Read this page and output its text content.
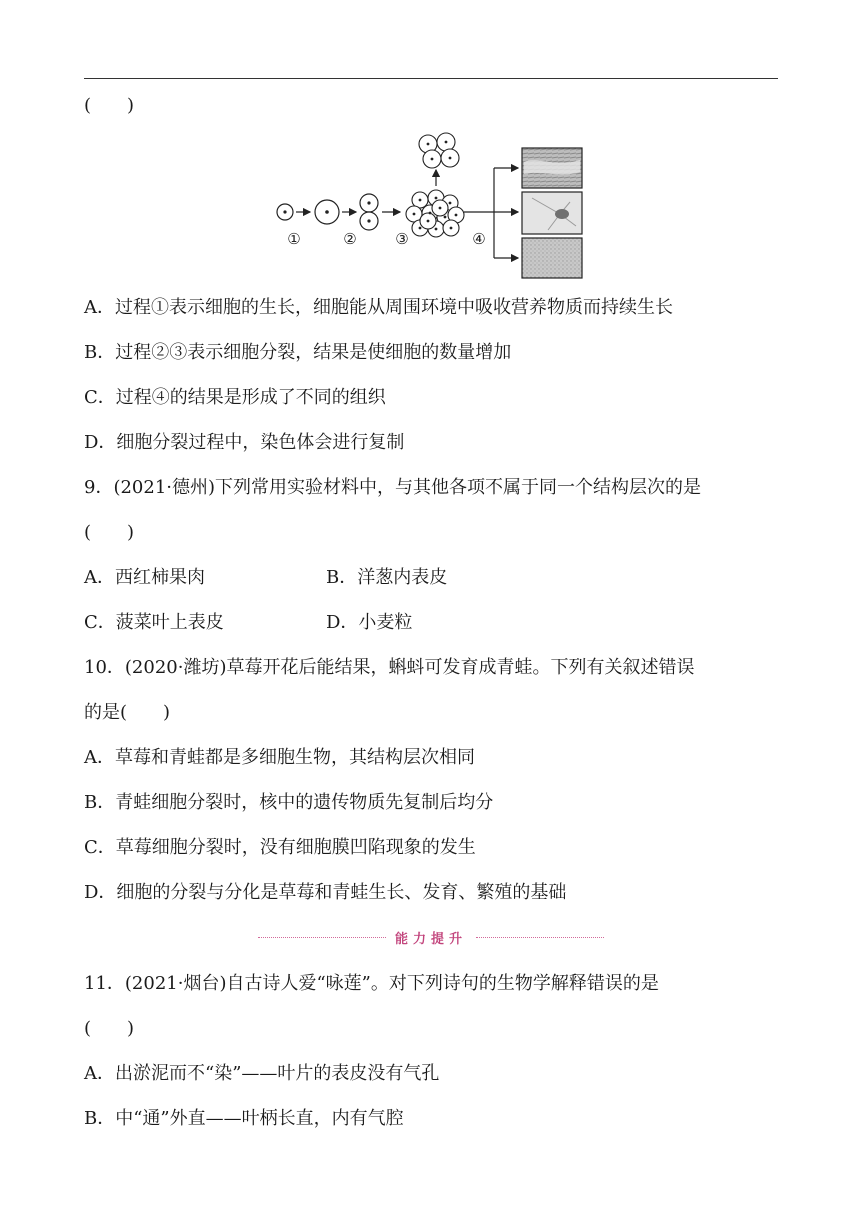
(　　)
①	②	③	④
A．过程①表示细胞的生长，细胞能从周围环境中吸收营养物质而持续生长
B．过程②③表示细胞分裂，结果是使细胞的数量增加
C．过程④的结果是形成了不同的组织
D．细胞分裂过程中，染色体会进行复制
9．(2021·德州)下列常用实验材料中，与其他各项不属于同一个结构层次的是
(　　)
A．西红柿果肉	B．洋葱内表皮
C．菠菜叶上表皮	D．小麦粒
10．(2020·潍坊)草莓开花后能结果，蝌蚪可发育成青蛙。下列有关叙述错误
的是(　　)
A．草莓和青蛙都是多细胞生物，其结构层次相同
B．青蛙细胞分裂时，核中的遗传物质先复制后均分
C．草莓细胞分裂时，没有细胞膜凹陷现象的发生
D．细胞的分裂与分化是草莓和青蛙生长、发育、繁殖的基础
能力提升
11．(2021·烟台)自古诗人爱“咏莲”。对下列诗句的生物学解释错误的是
(　　)
A．出淤泥而不“染”——叶片的表皮没有气孔
B．中“通”外直——叶柄长直，内有气腔
